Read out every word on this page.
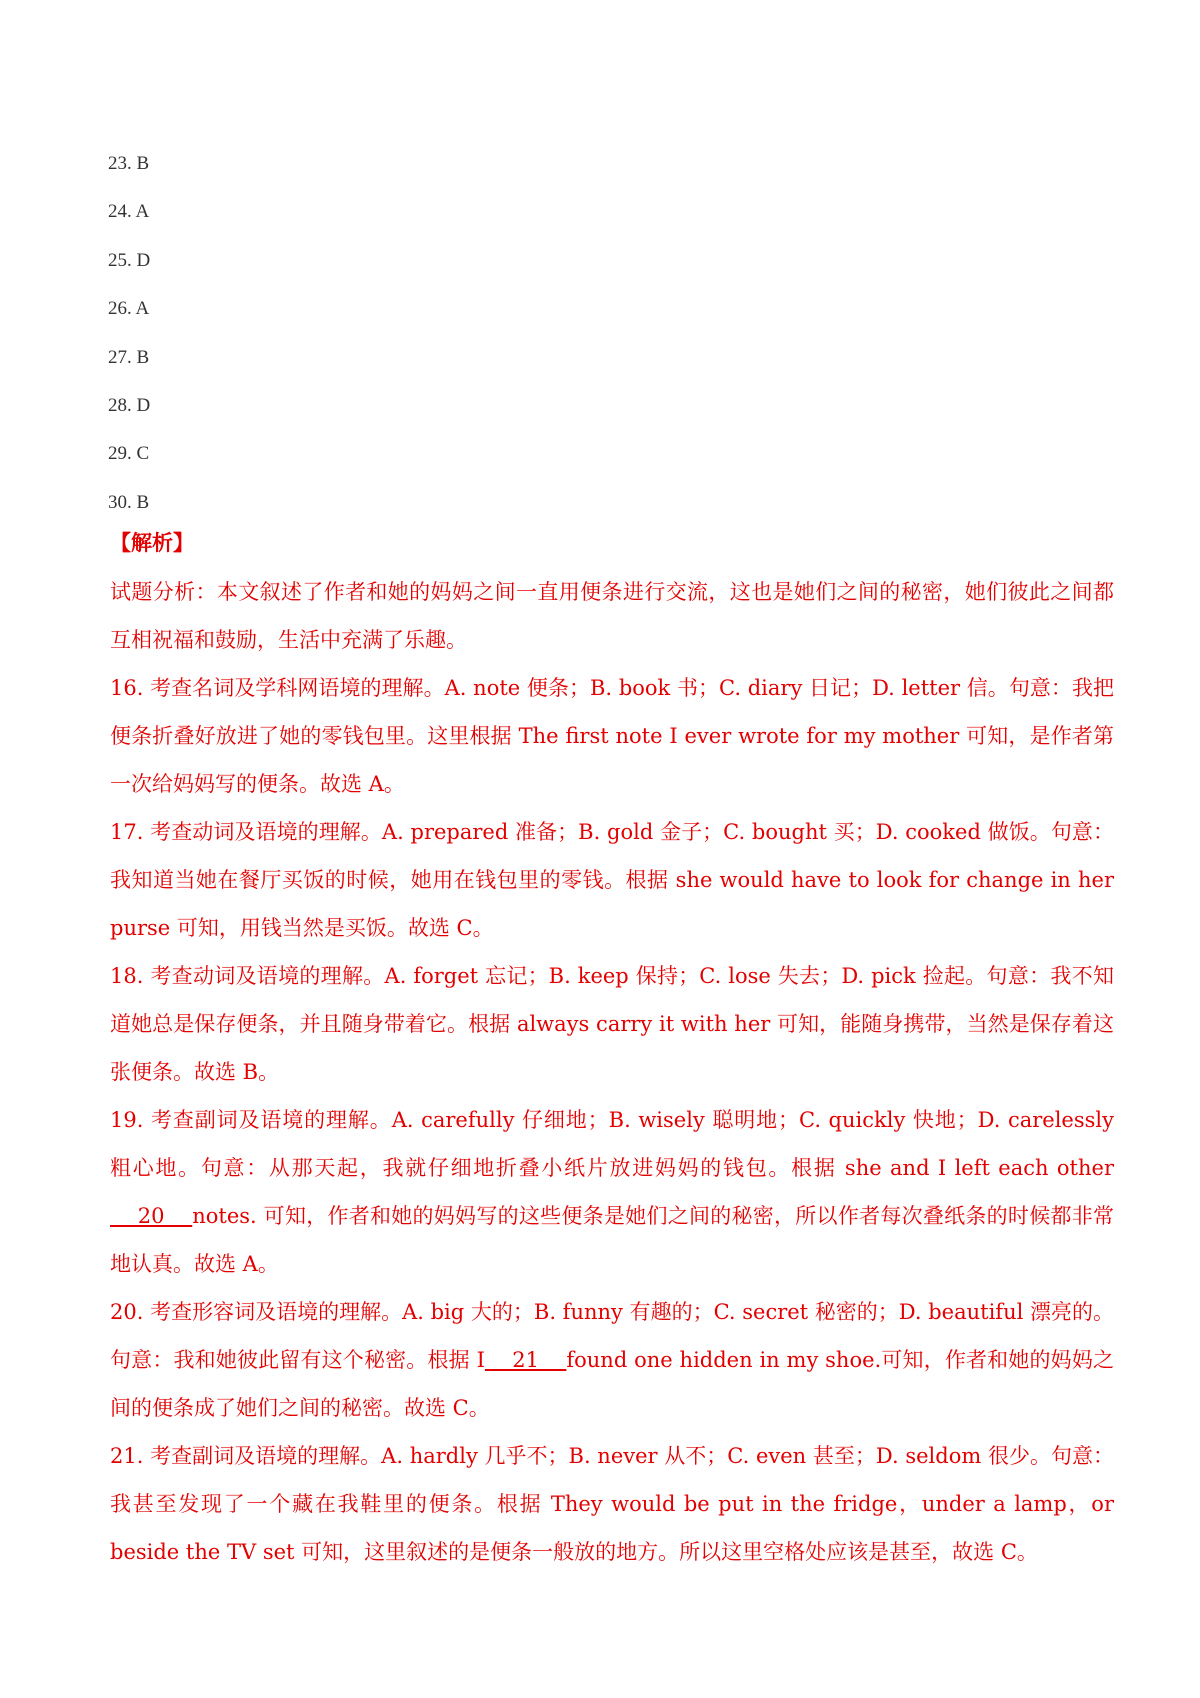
23. B
24. A
25. D
26. A
27. B
28. D
29. C
30. B
【解析】

试题分析：本文叙述了作者和她的妈妈之间一直用便条进行交流，这也是她们之间的秘密，她们彼此之间都互相祝福和鼓励，生活中充满了乐趣。

16. 考查名词及学科网语境的理解。A. note 便条；B. book 书；C. diary 日记；D. letter 信。句意：我把便条折叠好放进了她的零钱包里。这里根据 The first note I ever wrote for my mother 可知，是作者第一次给妈妈写的便条。故选 A。

17. 考查动词及语境的理解。A. prepared 准备；B. gold 金子；C. bought 买；D. cooked 做饭。句意：我知道当她在餐厅买饭的时候，她用在钱包里的零钱。根据 she would have to look for change in her purse 可知，用钱当然是买饭。故选 C。

18. 考查动词及语境的理解。A. forget 忘记；B. keep 保持；C. lose 失去；D. pick 捡起。句意：我不知道她总是保存便条，并且随身带着它。根据 always carry it with her 可知，能随身携带，当然是保存着这张便条。故选 B。

19. 考查副词及语境的理解。A. carefully 仔细地；B. wisely 聪明地；C. quickly 快地；D. carelessly 粗心地。句意：从那天起，我就仔细地折叠小纸片放进妈妈的钱包。根据 she and I left each other    20    notes. 可知，作者和她的妈妈写的这些便条是她们之间的秘密，所以作者每次叠纸条的时候都非常地认真。故选 A。

20. 考查形容词及语境的理解。A. big 大的；B. funny 有趣的；C. secret 秘密的；D. beautiful 漂亮的。句意：我和她彼此留有这个秘密。根据 I    21    found one hidden in my shoe.可知，作者和她的妈妈之间的便条成了她们之间的秘密。故选 C。

21. 考查副词及语境的理解。A. hardly 几乎不；B. never 从不；C. even 甚至；D. seldom 很少。句意：我甚至发现了一个藏在我鞋里的便条。根据 They would be put in the fridge，under a lamp，or beside the TV set 可知，这里叙述的是便条一般放的地方。所以这里空格处应该是甚至，故选 C。
